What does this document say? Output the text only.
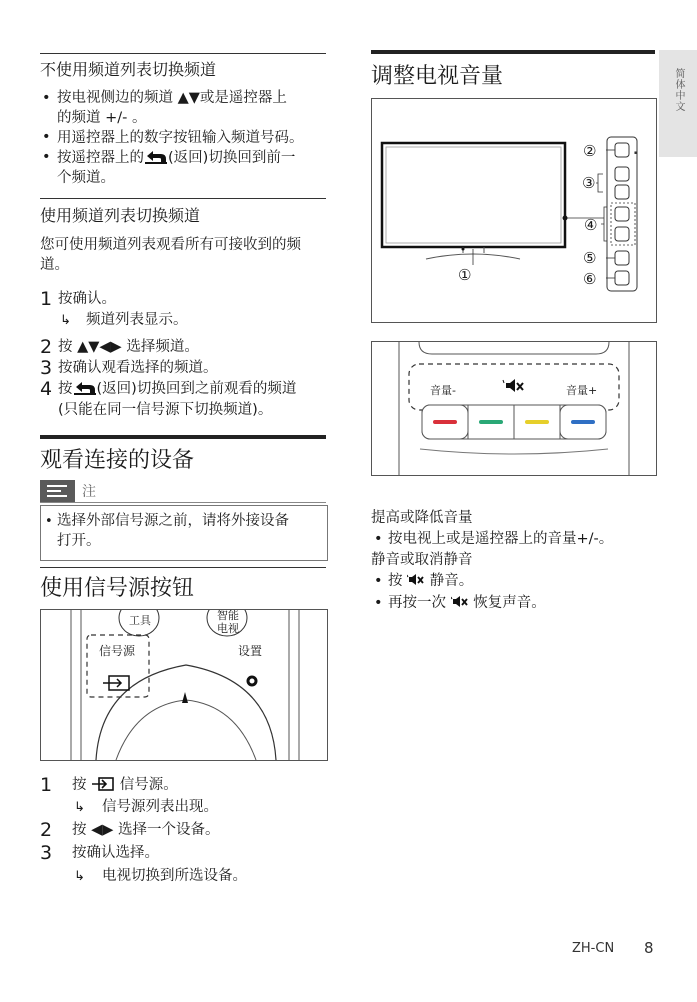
简体中文
不使用频道列表切换频道
• 按电视侧边的频道 ▲▼或是遥控器上
的频道 +/- 。
• 用遥控器上的数字按钮输入频道号码。
• 按遥控器上的 (返回)切换回到前一
个频道。
使用频道列表切换频道
您可使用频道列表观看所有可接收到的频
道。
1 按确认。
↳ 频道列表显示。
2 按 ▲▼◀▶ 选择频道。
3 按确认观看选择的频道。
4 按 (返回)切换回到之前观看的频道
(只能在同一信号源下切换频道)。
观看连接的设备
注
• 选择外部信号源之前，请将外接设备
打开。
使用信号源按钮
工具	智能
电视
信号源	设置
1 按 信号源。
↳ 信号源列表出现。
2 按 ◀▶ 选择一个设备。
3 按确认选择。
↳ 电视切换到所选设备。
调整电视音量
▪
②
③
④
⑤
⑥
①
音量-	音量+
提高或降低音量
• 按电视上或是遥控器上的音量+/-。
静音或取消静音
• 按 静音。
• 再按一次 恢复声音。
ZH-CN 8
